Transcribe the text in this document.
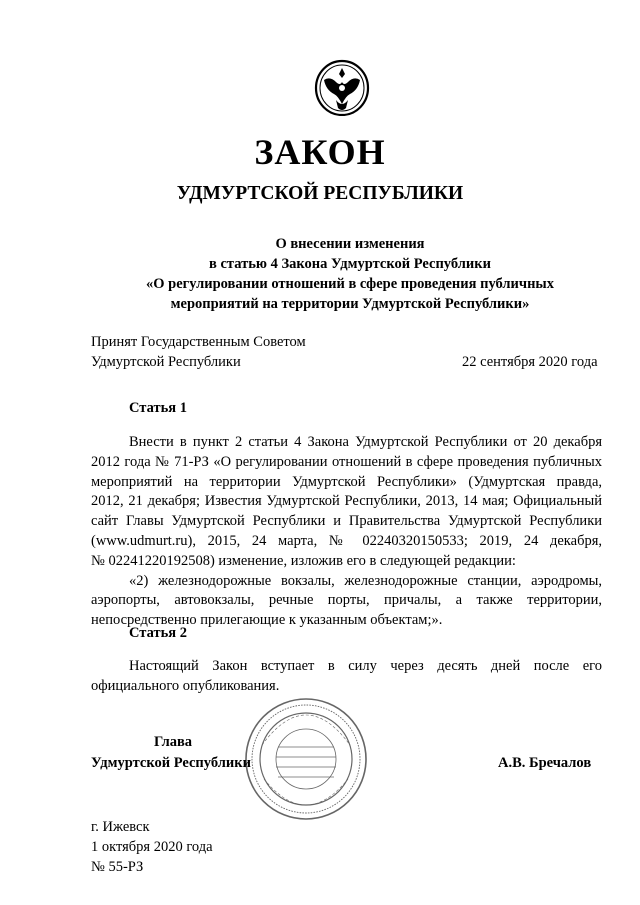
ЗАКОН
УДМУРТСКОЙ РЕСПУБЛИКИ
О внесении изменения
в статью 4 Закона Удмуртской Республики
«О регулировании отношений в сфере проведения публичных
мероприятий на территории Удмуртской Республики»
Принят Государственным Советом
Удмуртской Республики	22 сентября 2020 года
Статья 1
Внести в пункт 2 статьи 4 Закона Удмуртской Республики от 20 декабря
2012 года № 71-РЗ «О регулировании отношений в сфере проведения публичных
мероприятий на территории Удмуртской Республики» (Удмуртская правда,
2012, 21 декабря; Известия Удмуртской Республики, 2013, 14 мая; Официальный
сайт Главы Удмуртской Республики и Правительства Удмуртской Республики
(www.udmurt.ru), 2015, 24 марта, № 02240320150533; 2019, 24 декабря,
№ 02241220192508) изменение, изложив его в следующей редакции:
«2) железнодорожные вокзалы, железнодорожные станции, аэродромы,
аэропорты, автовокзалы, речные порты, причалы, а также территории,
непосредственно прилегающие к указанным объектам;».
Статья 2
Настоящий Закон вступает в силу через десять дней после его
официального опубликования.
Глава
Удмуртской Республики	А.В. Бречалов
г. Ижевск
1 октября 2020 года
№ 55-РЗ
